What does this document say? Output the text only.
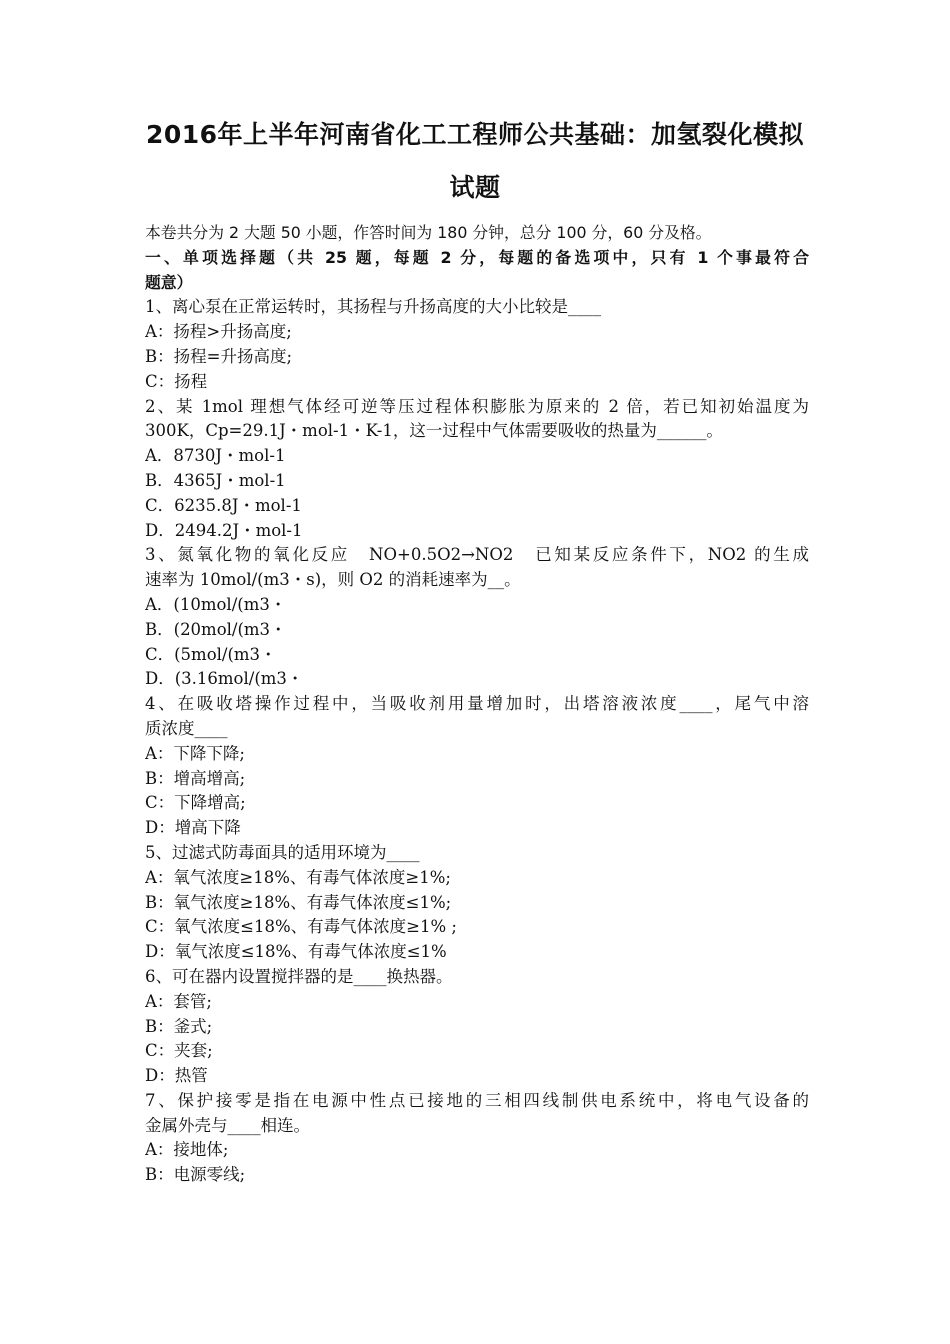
2016年上半年河南省化工工程师公共基础：加氢裂化模拟
试题
本卷共分为 2 大题 50 小题，作答时间为 180 分钟，总分 100 分，60 分及格。
一、单项选择题（共 25 题，每题 2 分，每题的备选项中，只有 1 个事最符合
题意）
1、离心泵在正常运转时，其扬程与升扬高度的大小比较是____
A：扬程>升扬高度;
B：扬程=升扬高度;
C：扬程
2、某 1mol 理想气体经可逆等压过程体积膨胀为原来的 2 倍，若已知初始温度为
300K，Cp=29.1J・mol-1・K-1，这一过程中气体需要吸收的热量为______。
A．8730J・mol-1
B．4365J・mol-1
C．6235.8J・mol-1
D．2494.2J・mol-1
3、氮氧化物的氧化反应　NO+0.5O2→NO2　已知某反应条件下，NO2 的生成
速率为 10mol/(m3・s)，则 O2 的消耗速率为__。
A．(10mol/(m3・
B．(20mol/(m3・
C．(5mol/(m3・
D．(3.16mol/(m3・
4、在吸收塔操作过程中，当吸收剂用量增加时，出塔溶液浓度____，尾气中溶
质浓度____
A：下降下降;
B：增高增高;
C：下降增高;
D：增高下降
5、过滤式防毒面具的适用环境为____
A：氧气浓度≥18%、有毒气体浓度≥1%;
B：氧气浓度≥18%、有毒气体浓度≤1%;
C：氧气浓度≤18%、有毒气体浓度≥1% ;
D：氧气浓度≤18%、有毒气体浓度≤1%
6、可在器内设置搅拌器的是____换热器。
A：套管;
B：釜式;
C：夹套;
D：热管
7、保护接零是指在电源中性点已接地的三相四线制供电系统中，将电气设备的
金属外壳与____相连。
A：接地体;
B：电源零线;
